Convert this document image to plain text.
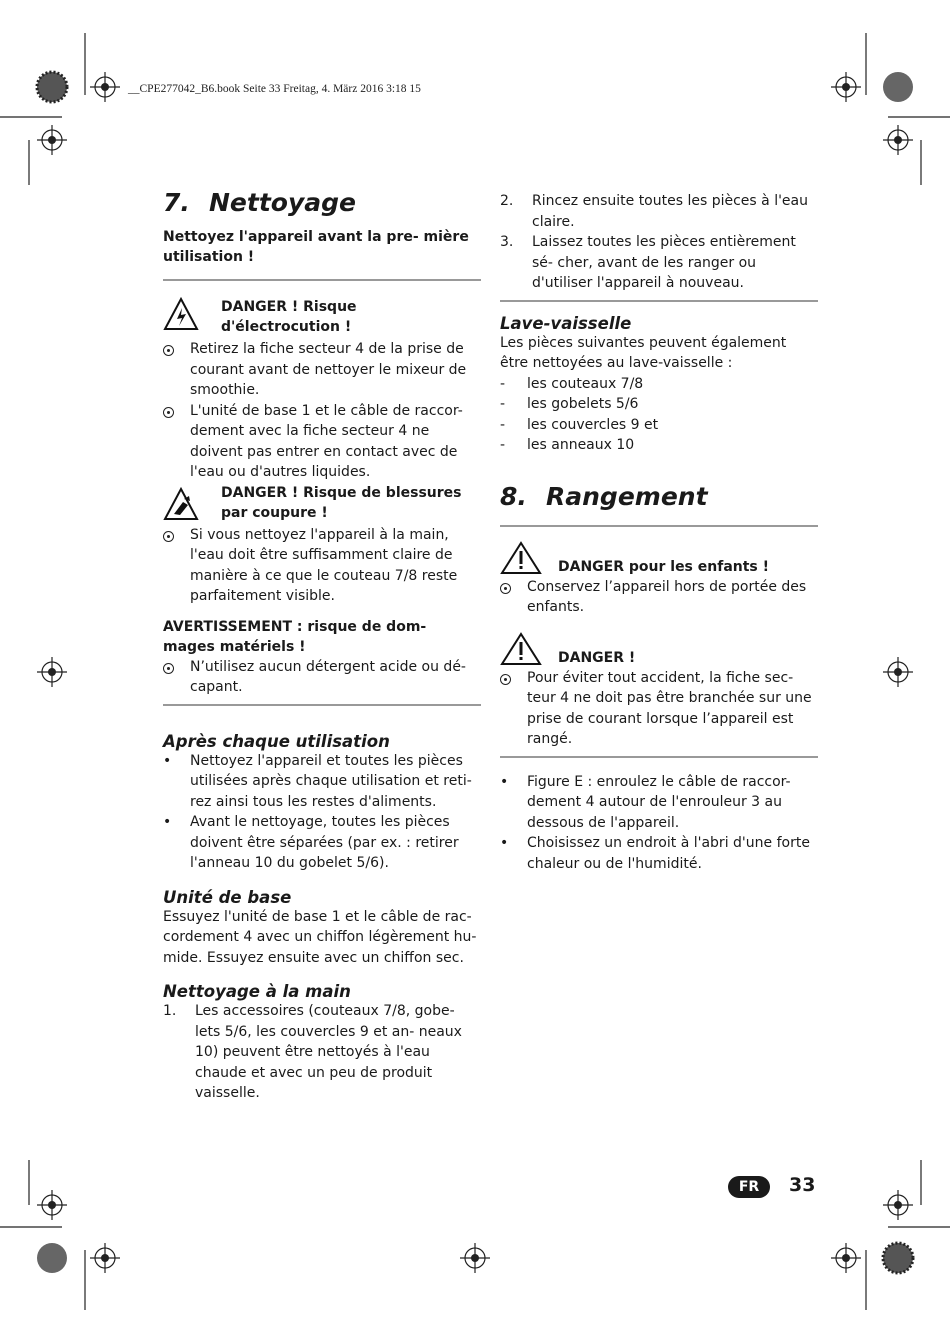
__CPE277042_B6.book Seite 33 Freitag, 4. März 2016 3:18 15
7. Nettoyage

Nettoyez l'appareil avant la pre- mière utilisation !

DANGER ! Risque
d'électrocution !
Retirez la fiche secteur 4 de la prise de courant avant de nettoyer le mixeur de smoothie.
L'unité de base 1 et le câble de raccor- dement avec la fiche secteur 4 ne doivent pas entrer en contact avec de l'eau ou d'autres liquides.
DANGER ! Risque de blessures
par coupure !
Si vous nettoyez l'appareil à la main, l'eau doit être suffisamment claire de manière à ce que le couteau 7/8 reste parfaitement visible.

AVERTISSEMENT : risque de dom- mages matériels !

N’utilisez aucun détergent acide ou dé- capant.
Après chaque utilisation
•	Nettoyez l'appareil et toutes les pièces utilisées après chaque utilisation et reti- rez ainsi tous les restes d'aliments.
•	Avant le nettoyage, toutes les pièces doivent être séparées (par ex. : retirer l'anneau 10 du gobelet 5/6).
Unité de base

Essuyez l'unité de base 1 et le câble de rac- cordement 4 avec un chiffon légèrement hu- mide. Essuyez ensuite avec un chiffon sec.

Nettoyage à la main
1.	Les accessoires (couteaux 7/8, gobe- lets 5/6, les couvercles 9 et an- neaux 10) peuvent être nettoyés à l'eau chaude et avec un peu de produit vaisselle.
2.	Rincez ensuite toutes les pièces à l'eau claire.
3.	Laissez toutes les pièces entièrement sé- cher, avant de les ranger ou d'utiliser l'appareil à nouveau.
Lave-vaisselle

Les pièces suivantes peuvent également être nettoyées au lave-vaisselle :

-	les couteaux 7/8
-	les gobelets 5/6
-	les couvercles 9 et
-	les anneaux 10
8. Rangement
DANGER pour les enfants !
Conservez l’appareil hors de portée des enfants.
DANGER !
Pour éviter tout accident, la fiche sec- teur 4 ne doit pas être branchée sur une prise de courant lorsque l’appareil est rangé.
•	Figure E : enroulez le câble de raccor- dement 4 autour de l'enrouleur 3 au dessous de l'appareil.
•	Choisissez un endroit à l'abri d'une forte chaleur ou de l'humidité.
FR	33
